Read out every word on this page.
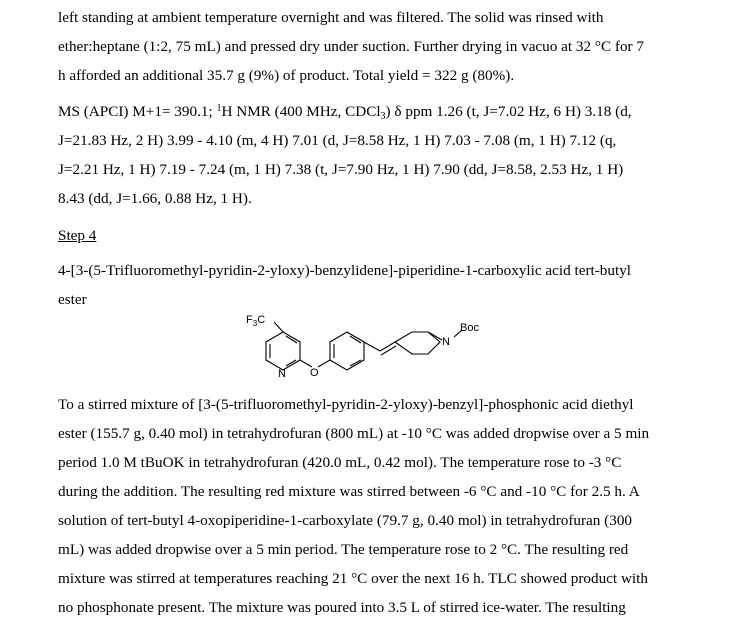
left standing at ambient temperature overnight and was filtered. The solid was rinsed with
ether:heptane (1:2, 75 mL) and pressed dry under suction. Further drying in vacuo at 32 °C for 7
h afforded an additional 35.7 g (9%) of product. Total yield = 322 g (80%).
MS (APCI) M+1= 390.1; $^1$H NMR (400 MHz, CDCl$_3$) δ ppm 1.26 (t, J=7.02 Hz, 6 H) 3.18 (d,
J=21.83 Hz, 2 H) 3.99 - 4.10 (m, 4 H) 7.01 (d, J=8.58 Hz, 1 H) 7.03 - 7.08 (m, 1 H) 7.12 (q,
J=2.21 Hz, 1 H) 7.19 - 7.24 (m, 1 H) 7.38 (t, J=7.90 Hz, 1 H) 7.90 (dd, J=8.58, 2.53 Hz, 1 H)
8.43 (dd, J=1.66, 0.88 Hz, 1 H).
Step 4
4-[3-(5-Trifluoromethyl-pyridin-2-yloxy)-benzylidene]-piperidine-1-carboxylic acid tert-butyl
ester
$F_3C$
N O
N
Boc
To a stirred mixture of [3-(5-trifluoromethyl-pyridin-2-yloxy)-benzyl]-phosphonic acid diethyl
ester (155.7 g, 0.40 mol) in tetrahydrofuran (800 mL) at -10 °C was added dropwise over a 5 min
period 1.0 M tBuOK in tetrahydrofuran (420.0 mL, 0.42 mol). The temperature rose to -3 °C
during the addition. The resulting red mixture was stirred between -6 °C and -10 °C for 2.5 h. A
solution of tert-butyl 4-oxopiperidine-1-carboxylate (79.7 g, 0.40 mol) in tetrahydrofuran (300
mL) was added dropwise over a 5 min period. The temperature rose to 2 °C. The resulting red
mixture was stirred at temperatures reaching 21 °C over the next 16 h. TLC showed product with
no phosphonate present. The mixture was poured into 3.5 L of stirred ice-water. The resulting
